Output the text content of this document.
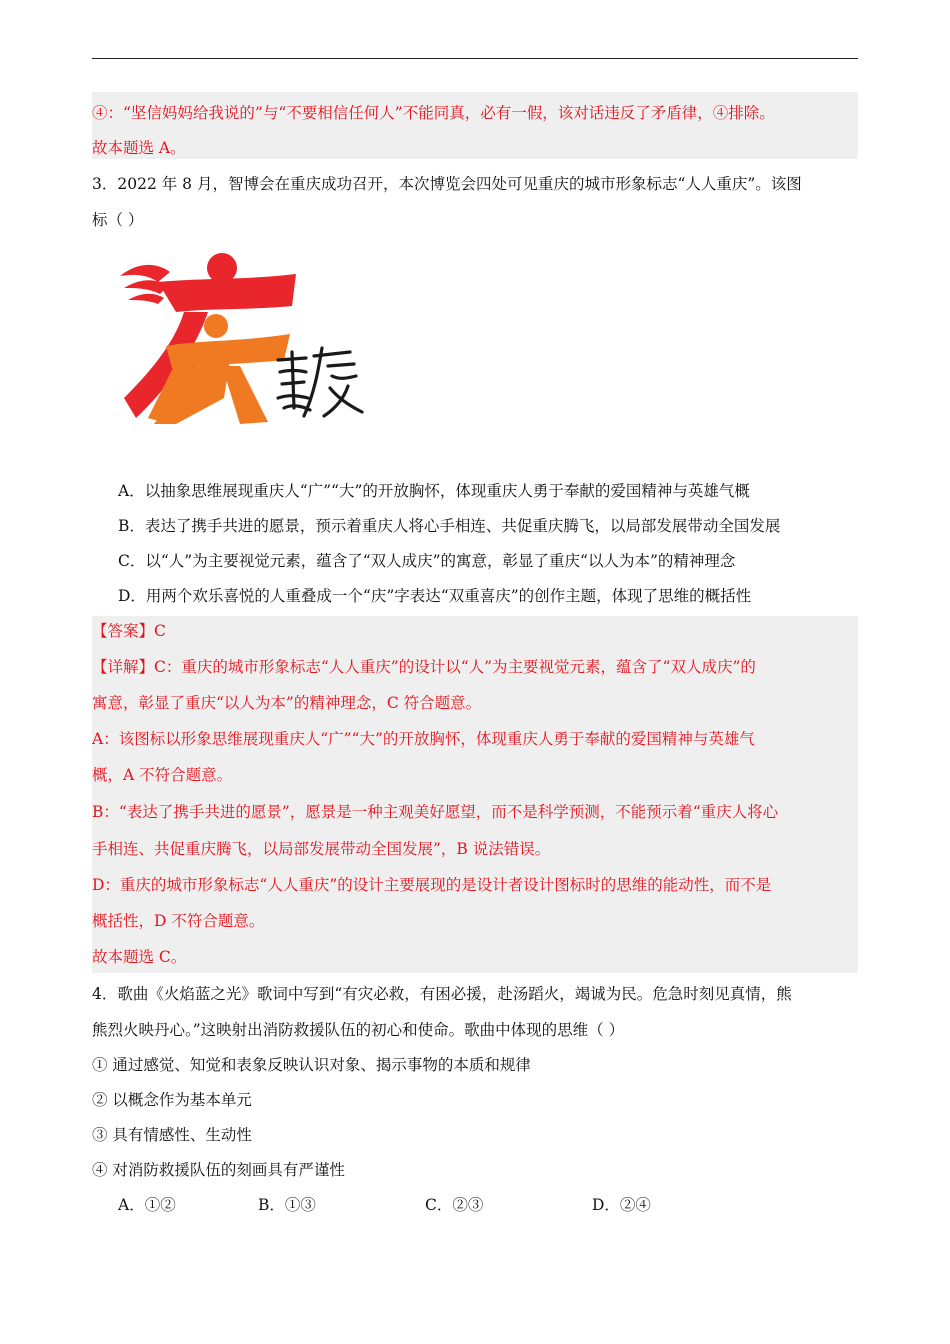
④：“坚信妈妈给我说的”与“不要相信任何人”不能同真，必有一假，该对话违反了矛盾律，④排除。
故本题选 A。
3．2022 年 8 月，智博会在重庆成功召开，本次博览会四处可见重庆的城市形象标志“人人重庆”。该图
标（ ）
A．以抽象思维展现重庆人“广”“大”的开放胸怀，体现重庆人勇于奉献的爱国精神与英雄气概
B．表达了携手共进的愿景，预示着重庆人将心手相连、共促重庆腾飞，以局部发展带动全国发展
C．以“人”为主要视觉元素，蕴含了“双人成庆”的寓意，彰显了重庆“以人为本”的精神理念
D．用两个欢乐喜悦的人重叠成一个“庆”字表达“双重喜庆”的创作主题，体现了思维的概括性
【答案】C
【详解】C：重庆的城市形象标志“人人重庆”的设计以“人”为主要视觉元素，蕴含了“双人成庆”的
寓意，彰显了重庆“以人为本”的精神理念，C 符合题意。
A：该图标以形象思维展现重庆人“广”“大”的开放胸怀，体现重庆人勇于奉献的爱国精神与英雄气
概，A 不符合题意。
B：“表达了携手共进的愿景”，愿景是一种主观美好愿望，而不是科学预测，不能预示着“重庆人将心
手相连、共促重庆腾飞，以局部发展带动全国发展”，B 说法错误。
D：重庆的城市形象标志“人人重庆”的设计主要展现的是设计者设计图标时的思维的能动性，而不是
概括性，D 不符合题意。
故本题选 C。
4．歌曲《火焰蓝之光》歌词中写到“有灾必救，有困必援，赴汤蹈火，竭诚为民。危急时刻见真情，熊
熊烈火映丹心。”这映射出消防救援队伍的初心和使命。歌曲中体现的思维（ ）
① 通过感觉、知觉和表象反映认识对象、揭示事物的本质和规律
② 以概念作为基本单元
③ 具有情感性、生动性
④ 对消防救援队伍的刻画具有严谨性
A．①②	B．①③	C．②③	D．②④
